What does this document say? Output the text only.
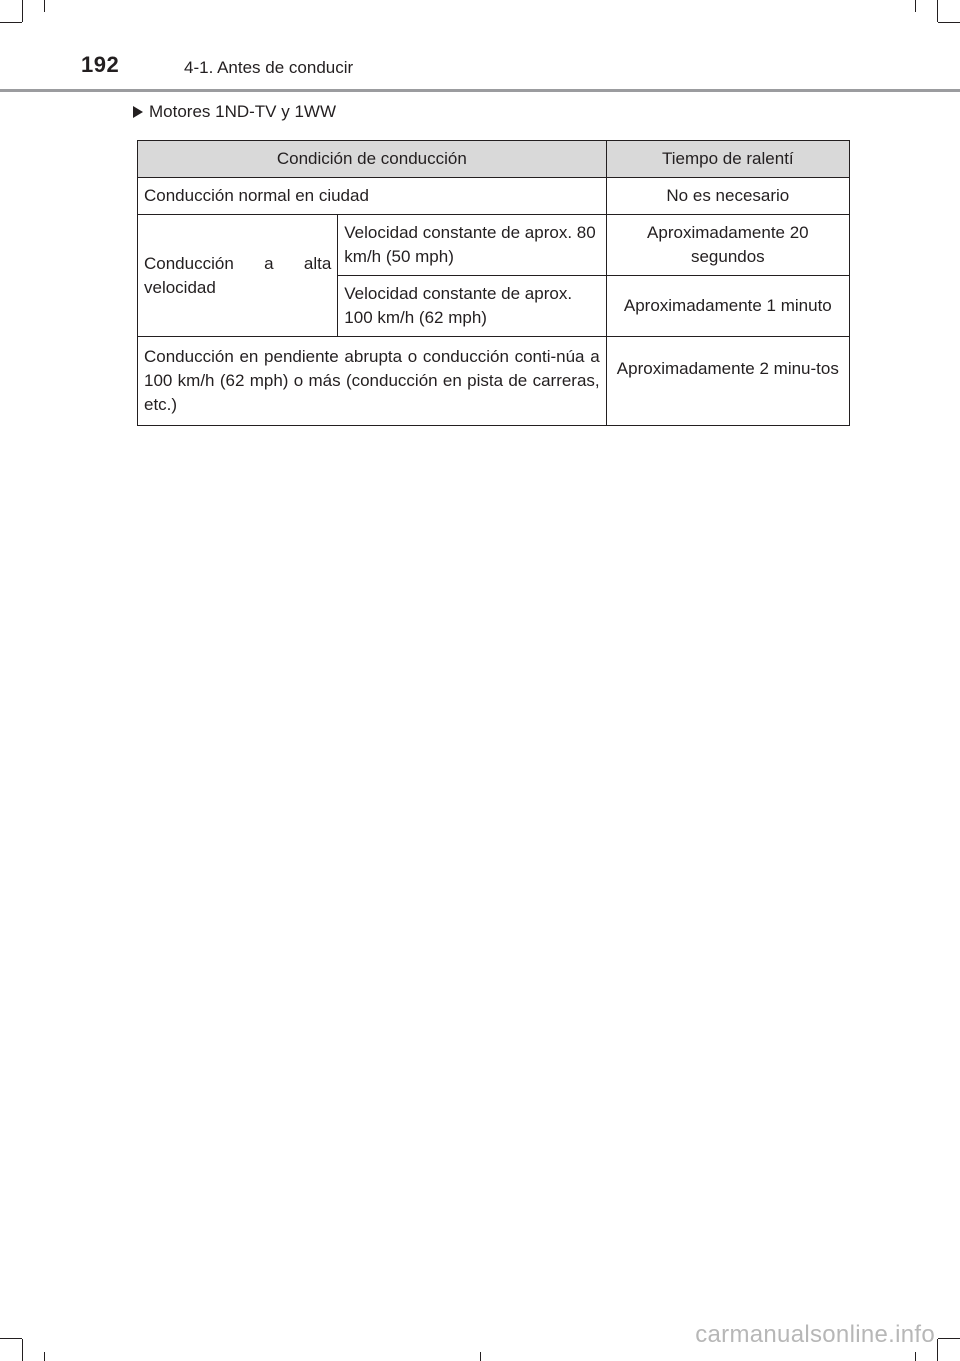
192	4-1. Antes de conducir
Motores 1ND-TV y 1WW
Condición de conducción		Tiempo de ralentí
Conducción normal en ciudad		No es necesario
Conducción a alta velocidad	Velocidad constante de aprox. 80 km/h (50 mph)	Aproximadamente 20 segundos
	Velocidad constante de aprox. 100 km/h (62 mph)	Aproximadamente 1 minuto
Conducción en pendiente abrupta o conducción conti-núa a 100 km/h (62 mph) o más (conducción en pista de carreras, etc.)		Aproximadamente 2 minu-tos
carmanualsonline.info
